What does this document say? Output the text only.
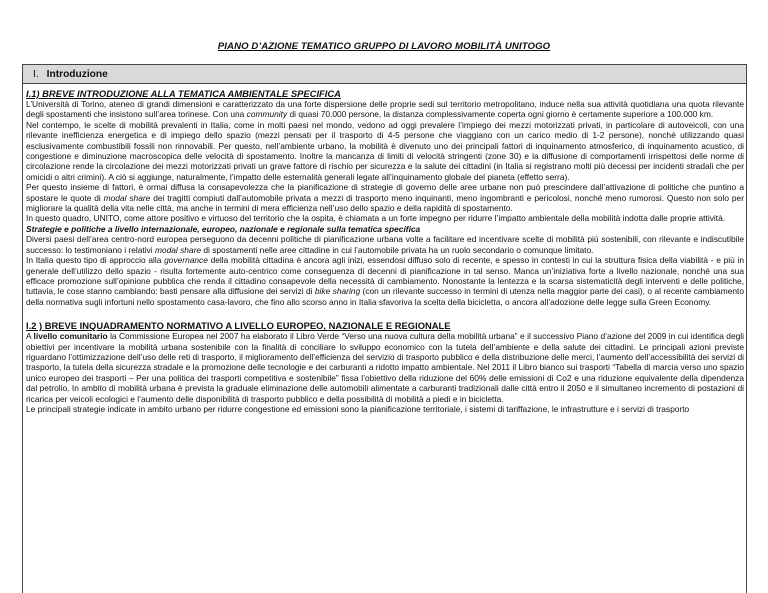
PIANO D’AZIONE TEMATICO GRUPPO DI LAVORO MOBILITÀ UNITOGO
I. Introduzione
I.1) BREVE INTRODUZIONE ALLA TEMATICA AMBIENTALE SPECIFICA

L’Università di Torino, ateneo di grandi dimensioni e caratterizzato da una forte dispersione delle proprie sedi sul territorio metropolitano, induce nella sua attività quotidiana una quota rilevante degli spostamenti che insistono sull’area torinese. Con una community di quasi 70.000 persone, la distanza complessivamente coperta ogni giorno è certamente superiore a 100.000 km.

Nel contempo, le scelte di mobilità prevalenti in Italia, come in molti paesi nel mondo, vedono ad oggi prevalere l’impiego dei mezzi motorizzati privati, in particolare di autoveicoli, con una rilevante inefficienza energetica e di impiego dello spazio (mezzi pensati per il trasporto di 4-5 persone che viaggiano con un carico medio di 1-2 persone), nonché utilizzando quasi esclusivamente combustibili fossili non rinnovabili. Per questo, nell’ambiente urbano, la mobilità è divenuto uno dei principali fattori di inquinamento atmosferico, di inquinamento acustico, di congestione e diminuzione macroscopica delle velocità di spostamento. Inoltre la mancanza di limiti di velocità stringenti (zone 30) e la diffusione di comportamenti irrispettosi delle norme di circolazione rende la circolazione dei mezzi motorizzati privati un grave fattore di rischio per sicurezza e la salute dei cittadini (in Italia si registrano molti più decessi per incidenti stradali che per omicidi o altri crimini). A ciò si aggiunge, naturalmente, l’impatto delle esternalità generali legate all’inquinamento globale del pianeta (effetto serra).

Per questo insieme di fattori, è ormai diffusa la consapevolezza che la pianificazione di strategie di governo delle aree urbane non può prescindere dall’attivazione di politiche che puntino a spostare le quote di modal share dei tragitti compiuti dall’automobile privata a mezzi di trasporto meno inquinanti, meno ingombranti e pericolosi, nonché meno rumorosi. Questo non solo per migliorare la qualità della vita nelle città, ma anche in termini di mera efficienza nell’uso dello spazio e della rapidità di spostamento.

In questo quadro, UNITO, come attore positivo e virtuoso del territorio che la ospita, è chiamata a un forte impegno per ridurre l’impatto ambientale della mobilità indotta dalle proprie attività.

Strategie e politiche a livello internazionale, europeo, nazionale e regionale sulla tematica specifica

Diversi paesi dell’area centro-nord europea perseguono da decenni politiche di pianificazione urbana volte a facilitare ed incentivare scelte di mobilità più sostenibili, con rilevante e indiscutibile successo: lo testimoniano i relativi modal share di spostamenti nelle aree cittadine in cui l’automobile privata ha un ruolo secondario o comunque limitato.

In Italia questo tipo di approccio alla governance della mobilità cittadina è ancora agli inizi, essendosi diffuso solo di recente, e spesso in contesti in cui la struttura fisica della viabilità - e più in generale dell’utilizzo dello spazio - risulta fortemente auto-centrico come conseguenza di decenni di pianificazione in tal senso. Manca un’iniziativa forte a livello nazionale, nonché una sua efficace promozione sull’opinione pubblica che renda il cittadino consapevole della necessità di cambiamento. Nonostante la lentezza e la scarsa sistematicità degli interventi e delle politiche, tuttavia, le cose stanno cambiando: basti pensare alla diffusione dei servizi di bike sharing (con un rilevante successo in termini di utenza nella maggior parte dei casi), o al recente cambiamento della normativa sugli infortuni nello spostamento casa-lavoro, che fino allo scorso anno in Italia sfavoriva la scelta della bicicletta, o ancora all’adozione delle legge sulla Green Economy.

I.2 ) BREVE INQUADRAMENTO NORMATIVO A LIVELLO EUROPEO, NAZIONALE E REGIONALE

A livello comunitario la Commissione Europea nel 2007 ha elaborato il Libro Verde “Verso una nuova cultura della mobilità urbana” e il successivo Piano d’azione del 2009 in cui identifica degli obiettivi per incentivare la mobilità urbana sostenibile con la finalità di conciliare lo sviluppo economico con la tutela dell’ambiente e della salute dei cittadini. Le principali azioni previste riguardano l’ottimizzazione dell’uso delle reti di trasporto, il miglioramento dell’efficienza del servizio di trasporto pubblico e della distribuzione delle merci, l’aumento dell’accessibilità dei servizi di trasporto, la tutela della sicurezza stradale e la promozione delle tecnologie e dei carburanti a ridotto impatto ambientale. Nel 2011 il Libro bianco sui trasporti “Tabella di marcia verso uno spazio unico europeo dei trasporti – Per una politica dei trasporti competitiva e sostenibile” fissa l’obiettivo della riduzione del 60% delle emissioni di Co2 e una riduzione equivalente della dipendenza dal petrolio. In ambito di mobilità urbana è prevista la graduale eliminazione delle automobili alimentate a carburanti tradizionali dalle città entro il 2050 e il simultaneo incremento di postazioni di ricarica per veicoli ecologici e l’aumento delle disponibilità di trasporto pubblico e della possibilità di mobilità a piedi e in bicicletta.

Le principali strategie indicate in ambito urbano per ridurre congestione ed emissioni sono la pianificazione territoriale, i sistemi di tariffazione, le infrastrutture e i servizi di trasporto
